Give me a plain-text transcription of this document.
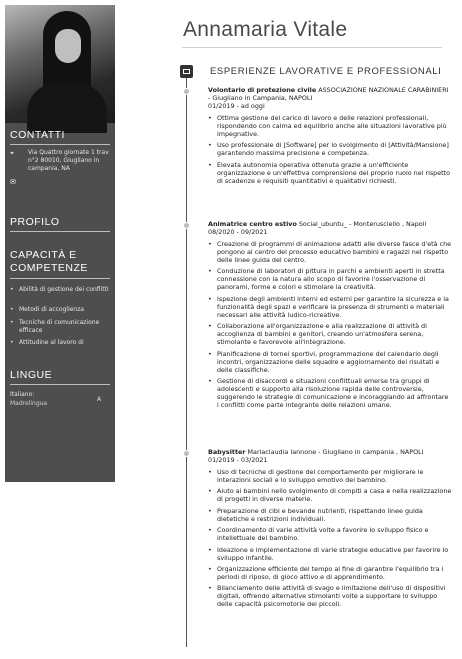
CONTATTI
⌖	Via Quattro giornate 1 trav n°2 80010, Giugliano in campania, NA
✉
PROFILO
CAPACITÀ E COMPETENZE
• Abilità di gestione dei conflitti
• Metodi di accoglienza
• Tecniche di comunicazione efficace
• Attitudine al lavoro di
LINGUE
Italiano:
Madrelingua
A
Annamaria Vitale
ESPERIENZE LAVORATIVE E PROFESSIONALI

Volontario di protezione civile ASSOCIAZIONE NAZIONALE CARABINIERI - Giugliano in Campania, NAPOLI

01/2019 - ad oggi

• Ottima gestione del carico di lavoro e delle relazioni professionali, rispondendo con calma ed equilibrio anche alle situazioni lavorative più impegnative.
• Uso professionale di [Software] per lo svolgimento di [Attività/Mansione] garantendo massima precisione e competenza.
• Elevata autonomia operativa ottenuta grazie a un'efficiente organizzazione e un'effettiva comprensione del proprio ruolo nel rispetto di scadenze e requisiti quantitativi e qualitativi richiesti.

Animatrice centro estivo Social_ubuntu_ - Monterusciello , Napoli

08/2020 - 09/2021

• Creazione di programmi di animazione adatti alle diverse fasce d'età che pongono al centro del processo educativo bambini e ragazzi nel rispetto delle linee guida del centro.
• Conduzione di laboratori di pittura in parchi e ambienti aperti in stretta connessione con la natura allo scopo di favorire l'osservazione di panorami, forme e colori e stimolare la creatività.
• Ispezione degli ambienti interni ed esterni per garantire la sicurezza e la funzionalità degli spazi e verificare la presenza di strumenti e materiali necessari alle attività ludico-ricreative.
• Collaborazione all'organizzazione e alla realizzazione di attività di accoglienza di bambini e genitori, creando un'atmosfera serena, stimolante e favorevole all'integrazione.
• Pianificazione di tornei sportivi, programmazione del calendario degli incontri, organizzazione delle squadre e aggiornamento dei risultati e delle classifiche.
• Gestione di disaccordi e situazioni conflittuali emerse tra gruppi di adolescenti e supporto alla risoluzione rapida delle controversie, suggerendo le strategie di comunicazione e incoraggiando ad affrontare i conflitti come parte integrante delle relazioni umane.

Babysitter Mariaclaudia Iannone - Giugliano in campania , NAPOLI

01/2019 - 03/2021

• Uso di tecniche di gestione del comportamento per migliorare le interazioni sociali e lo sviluppo emotivo del bambino.
• Aiuto ai bambini nello svolgimento di compiti a casa e nella realizzazione di progetti in diverse materie.
• Preparazione di cibi e bevande nutrienti, rispettando linee guida dietetiche e restrizioni individuali.
• Coordinamento di varie attività volte a favorire lo sviluppo fisico e intellettuale del bambino.
• Ideazione e implementazione di varie strategie educative per favorire lo sviluppo infantile.
• Organizzazione efficiente del tempo al fine di garantire l'equilibrio tra i periodi di riposo, di gioco attivo e di apprendimento.
• Bilanciamento delle attività di svago e limitazione dell'uso di dispositivi digitali, offrendo alternative stimolanti volte a supportare lo sviluppo delle capacità psicomotorie dei piccoli.
